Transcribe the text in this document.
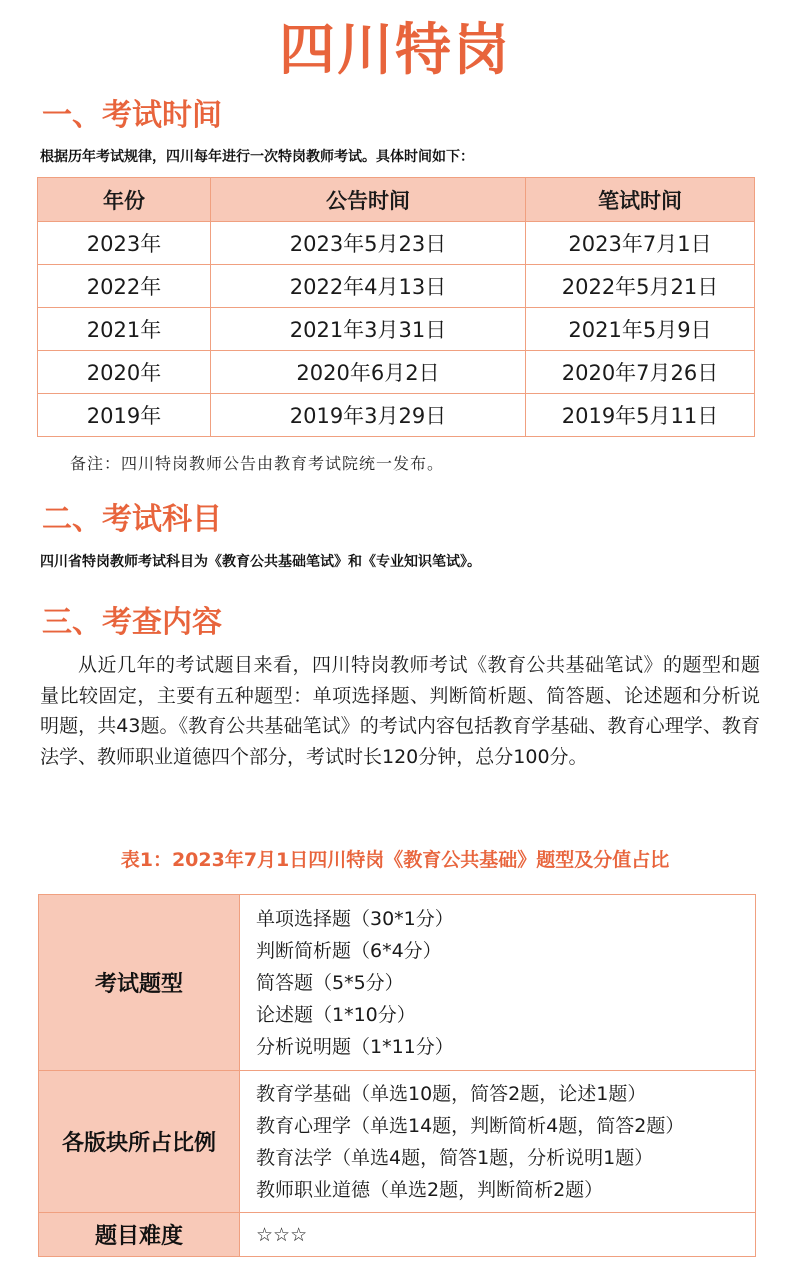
四川特岗
一、考试时间
根据历年考试规律，四川每年进行一次特岗教师考试。具体时间如下：
年份	公告时间	笔试时间
2023年	2023年5月23日	2023年7月1日
2022年	2022年4月13日	2022年5月21日
2021年	2021年3月31日	2021年5月9日
2020年	2020年6月2日	2020年7月26日
2019年	2019年3月29日	2019年5月11日
备注：四川特岗教师公告由教育考试院统一发布。
二、考试科目
四川省特岗教师考试科目为《教育公共基础笔试》和《专业知识笔试》。
三、考查内容

从近几年的考试题目来看，四川特岗教师考试《教育公共基础笔试》的题型和题量比较固定，主要有五种题型：单项选择题、判断简析题、简答题、论述题和分析说明题，共43题。《教育公共基础笔试》的考试内容包括教育学基础、教育心理学、教育法学、教师职业道德四个部分，考试时长120分钟，总分100分。

表1：2023年7月1日四川特岗《教育公共基础》题型及分值占比
考试题型	单项选择题（30*1分）
判断简析题（6*4分）
简答题（5*5分）
论述题（1*10分）
分析说明题（1*11分）

各版块所占比例	教育学基础（单选10题，简答2题，论述1题）
教育心理学（单选14题，判断简析4题，简答2题）
教育法学（单选4题，简答1题，分析说明1题）
教师职业道德（单选2题，判断简析2题）

题目难度	☆☆☆
